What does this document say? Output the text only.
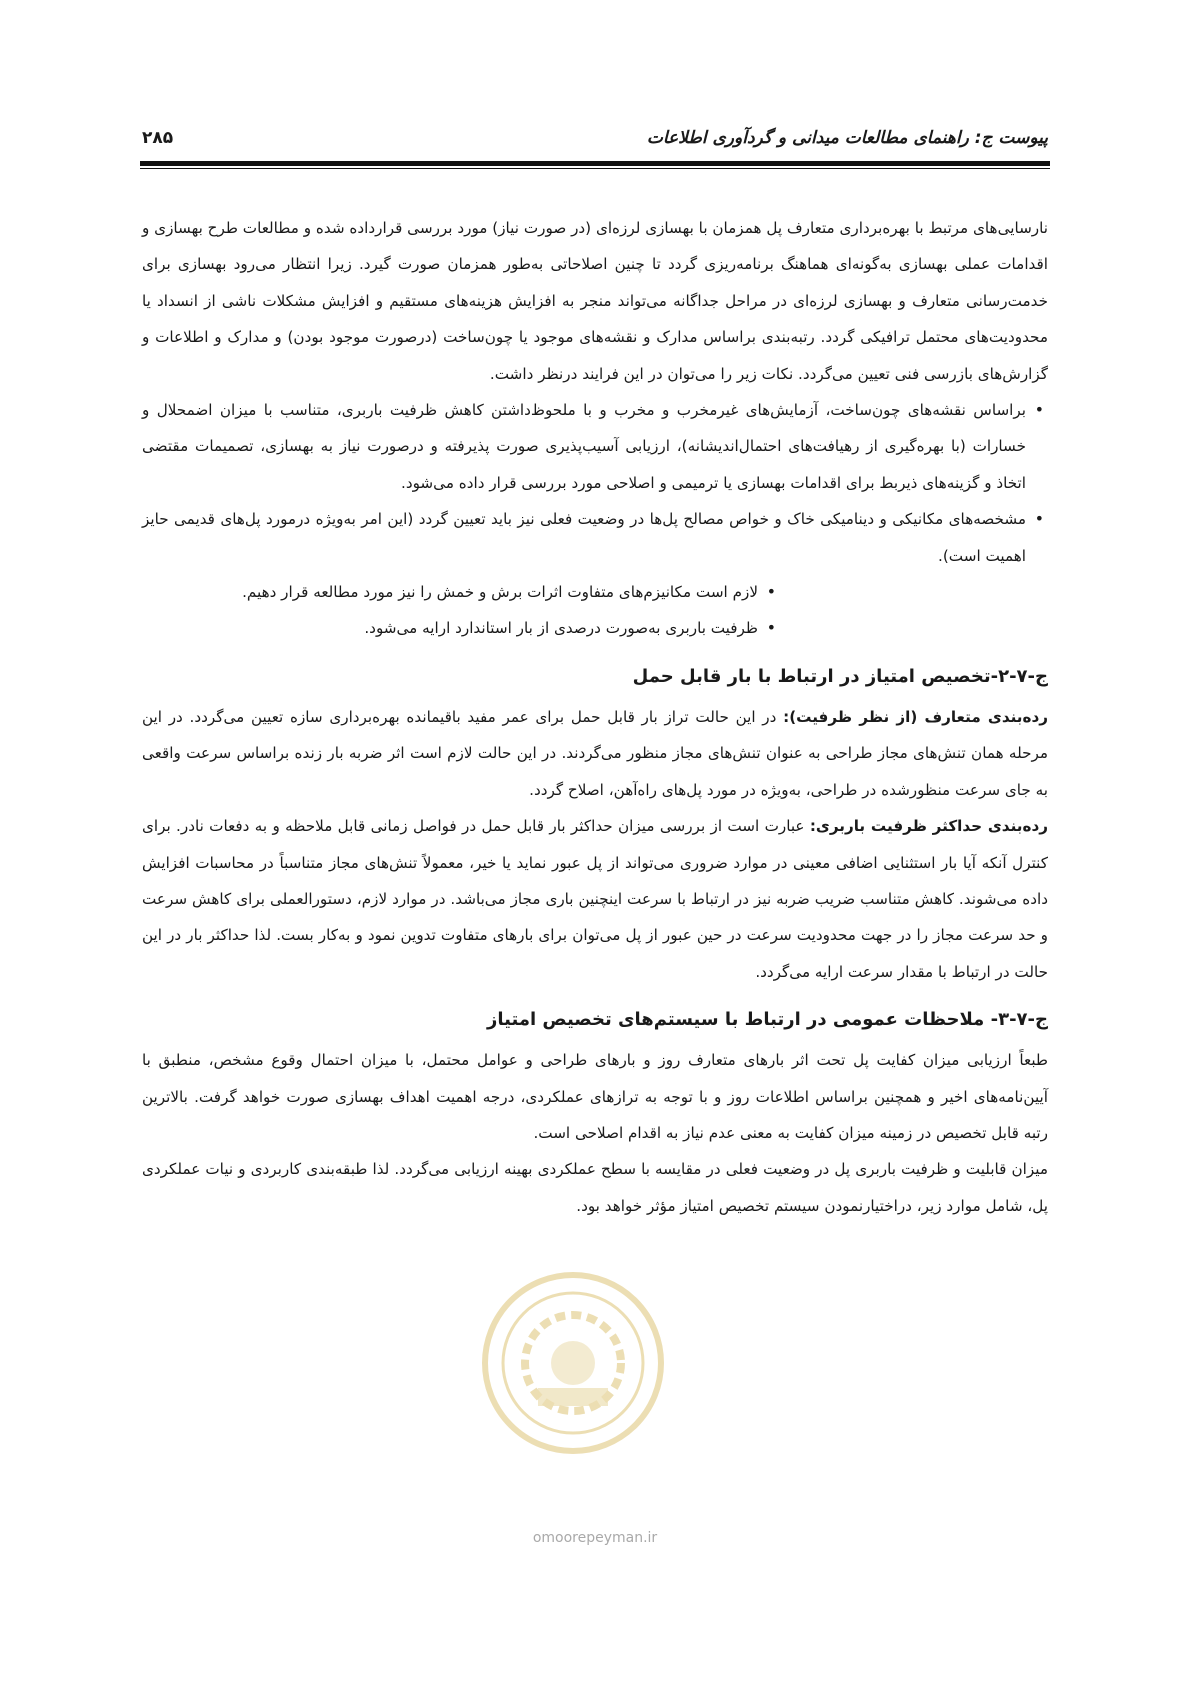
پیوست ج: راهنمای مطالعات میدانی و گردآوری اطلاعات
۲۸۵

نارسایی‌های مرتبط با بهره‌برداری متعارف پل همزمان با بهسازی لرزه‌ای (در صورت نیاز) مورد بررسی قرارداده شده و مطالعات طرح بهسازی و اقدامات عملی بهسازی به‌گونه‌ای هماهنگ برنامه‌ریزی گردد تا چنین اصلاحاتی به‌طور همزمان صورت گیرد. زیرا انتظار می‌رود بهسازی برای خدمت‌رسانی متعارف و بهسازی لرزه‌ای در مراحل جداگانه می‌تواند منجر به افزایش هزینه‌های مستقیم و افزایش مشکلات ناشی از انسداد یا محدودیت‌های محتمل ترافیکی گردد. رتبه‌بندی براساس مدارک و نقشه‌های موجود یا چون‌ساخت (درصورت موجود بودن) و مدارک و اطلاعات و گزارش‌های بازرسی فنی تعیین می‌گردد. نکات زیر را می‌توان در این فرایند درنظر داشت.

• براساس نقشه‌های چون‌ساخت، آزمایش‌های غیرمخرب و مخرب و با ملحوظ‌داشتن کاهش ظرفیت باربری، متناسب با میزان اضمحلال و خسارات (با بهره‌گیری از رهیافت‌های احتمال‌اندیشانه)، ارزیابی آسیب‌پذیری صورت پذیرفته و درصورت نیاز به بهسازی، تصمیمات مقتضی اتخاذ و گزینه‌های ذیربط برای اقدامات بهسازی یا ترمیمی و اصلاحی مورد بررسی قرار داده می‌شود.
• مشخصه‌های مکانیکی و دینامیکی خاک و خواص مصالح پل‌ها در وضعیت فعلی نیز باید تعیین گردد (این امر به‌ویژه درمورد پل‌های قدیمی حایز اهمیت است).
• لازم است مکانیزم‌های متفاوت اثرات برش و خمش را نیز مورد مطالعه قرار دهیم.
• ظرفیت باربری به‌صورت درصدی از بار استاندارد ارایه می‌شود.
ج-۷-۲-تخصیص امتیاز در ارتباط با بار قابل حمل

رده‌بندی متعارف (از نظر ظرفیت): در این حالت تراز بار قابل حمل برای عمر مفید باقیمانده بهره‌برداری سازه تعیین می‌گردد. در این مرحله همان تنش‌های مجاز طراحی به عنوان تنش‌های مجاز منظور می‌گردند. در این حالت لازم است اثر ضربه بار زنده براساس سرعت واقعی به جای سرعت منظورشده در طراحی، به‌ویژه در مورد پل‌های راه‌آهن، اصلاح گردد.

رده‌بندی حداکثر ظرفیت باربری: عبارت است از بررسی میزان حداکثر بار قابل حمل در فواصل زمانی قابل ملاحظه و به دفعات نادر. برای کنترل آنکه آیا بار استثنایی اضافی معینی در موارد ضروری می‌تواند از پل عبور نماید یا خیر، معمولاً تنش‌های مجاز متناسباً در محاسبات افزایش داده می‌شوند. کاهش متناسب ضریب ضربه نیز در ارتباط با سرعت اینچنین باری مجاز می‌باشد. در موارد لازم، دستورالعملی برای کاهش سرعت و حد سرعت مجاز را در جهت محدودیت سرعت در حین عبور از پل می‌توان برای بارهای متفاوت تدوین نمود و به‌کار بست. لذا حداکثر بار در این حالت در ارتباط با مقدار سرعت ارایه می‌گردد.

ج-۷-۳- ملاحظات عمومی در ارتباط با سیستم‌های تخصیص امتیاز

طبعاً ارزیابی میزان کفایت پل تحت اثر بارهای متعارف روز و بارهای طراحی و عوامل محتمل، با میزان احتمال وقوع مشخص، منطبق با آیین‌نامه‌های اخیر و همچنین براساس اطلاعات روز و با توجه به ترازهای عملکردی، درجه اهمیت اهداف بهسازی صورت خواهد گرفت. بالاترین رتبه قابل تخصیص در زمینه میزان کفایت به معنی عدم نیاز به اقدام اصلاحی است.

میزان قابلیت و ظرفیت باربری پل در وضعیت فعلی در مقایسه با سطح عملکردی بهینه ارزیابی می‌گردد. لذا طبقه‌بندی کاربردی و نیات عملکردی پل، شامل موارد زیر، دراختیارنمودن سیستم تخصیص امتیاز مؤثر خواهد بود.

omoorepeyman.ir
